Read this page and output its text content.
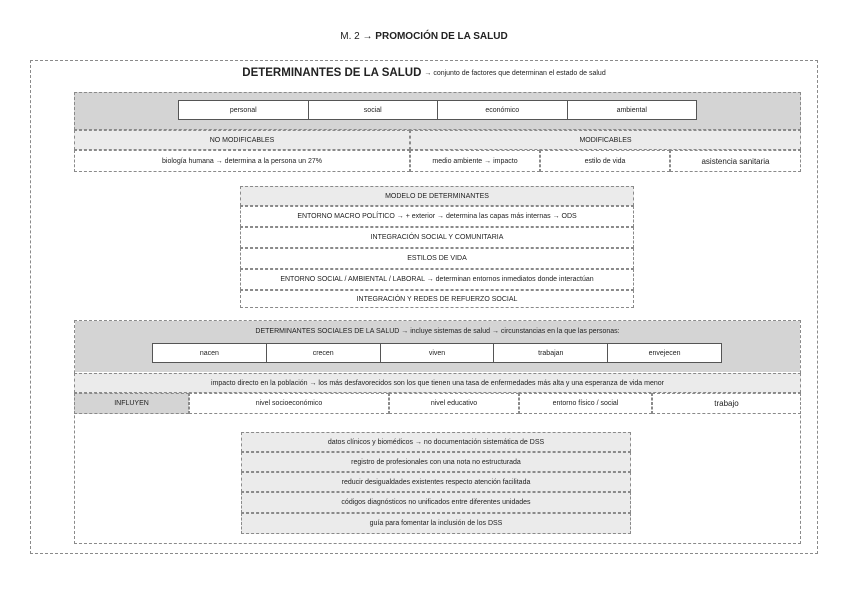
M. 2 →
PROMOCIÓN DE LA SALUD
DETERMINANTES DE LA SALUD → conjunto de factores que determinan el estado de salud
personal	social	económico	ambiental
NO MODIFICABLES	MODIFICABLES
biología humana → determina a la persona un 27%	medio ambiente → impacto	estilo de vida	asistencia sanitaria
MODELO DE DETERMINANTES
ENTORNO MACRO POLÍTICO → + exterior → determina las capas más internas → ODS
INTEGRACIÓN SOCIAL Y COMUNITARIA
ESTILOS DE VIDA
ENTORNO SOCIAL / AMBIENTAL / LABORAL → determinan entornos inmediatos donde interactúan
INTEGRACIÓN Y REDES DE REFUERZO SOCIAL
DETERMINANTES SOCIALES DE LA SALUD → incluye sistemas de salud → circunstancias en la que las personas:
nacen	crecen	viven	trabajan	envejecen
impacto directo en la población → los más desfavorecidos son los que tienen una tasa de enfermedades más alta y una esperanza de vida menor
INFLUYEN	nivel socioeconómico	nivel educativo	entorno físico / social	trabajo
datos clínicos y biomédicos → no documentación sistemática de DSS
registro de profesionales con una nota no estructurada
reducir desigualdades existentes respecto atención facilitada
códigos diagnósticos no unificados entre diferentes unidades
guía para fomentar la inclusión de los DSS
